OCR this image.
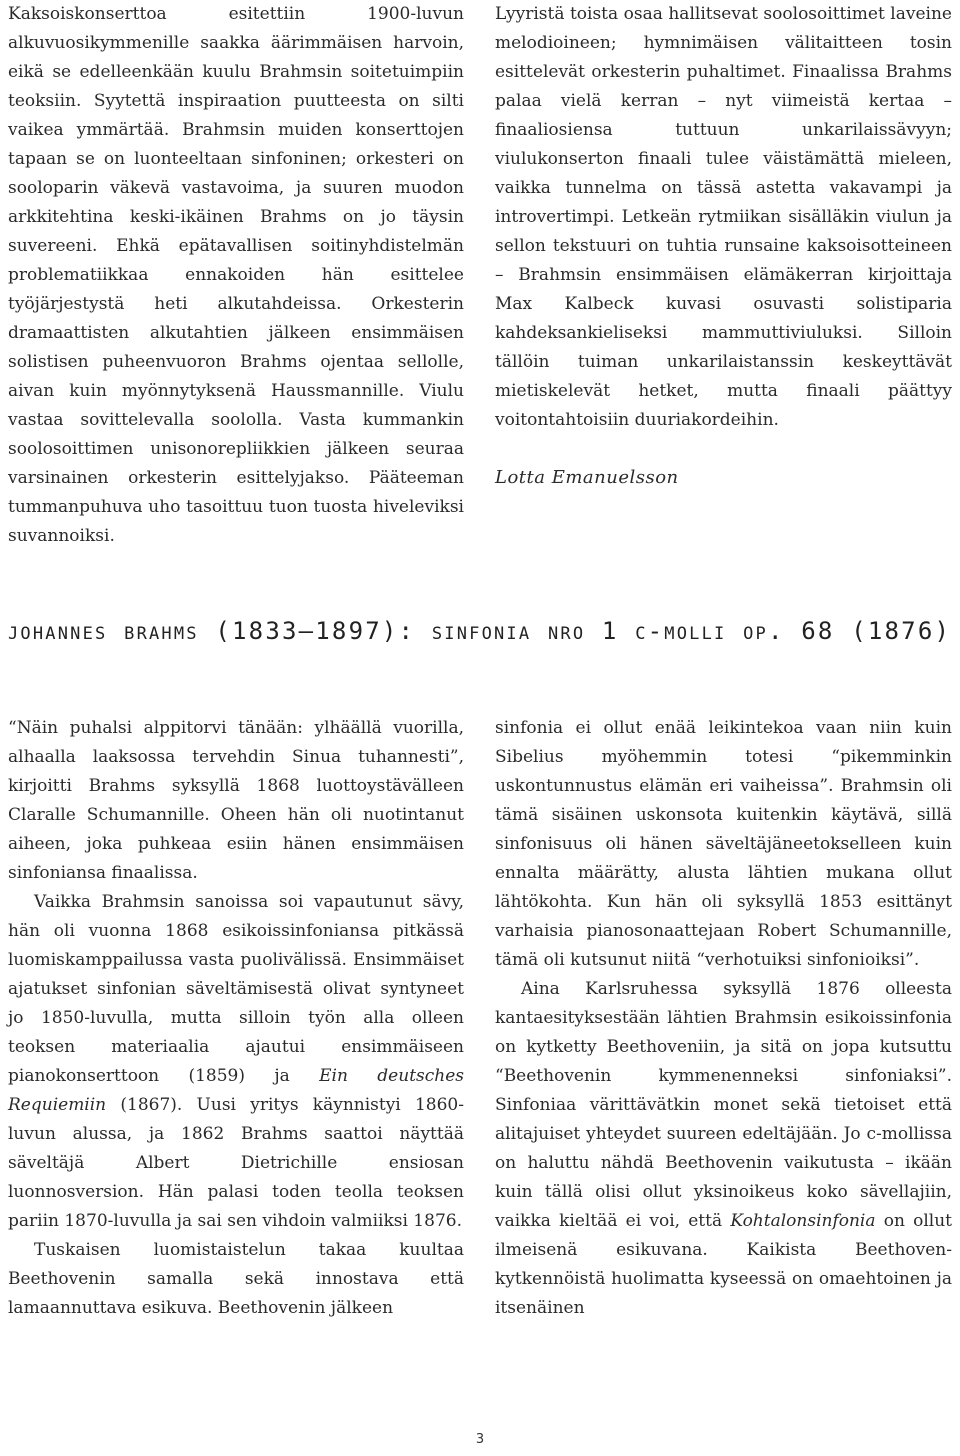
Kaksoiskonserttoa esitettiin 1900-luvun alkuvuosikymmenille saakka äärimmäisen harvoin, eikä se edelleenkään kuulu Brahmsin soitetuimpiin teoksiin. Syytettä inspiraation puutteesta on silti vaikea ymmärtää. Brahmsin muiden konserttojen tapaan se on luonteeltaan sinfoninen; orkesteri on sooloparin väkevä vastavoima, ja suuren muodon arkkitehtina keski-ikäinen Brahms on jo täysin suvereeni. Ehkä epätavallisen soitinyhdistelmän problematiikkaa ennakoiden hän esittelee työjärjestystä heti alkutahdeissa. Orkesterin dramaattisten alkutahtien jälkeen ensimmäisen solistisen puheenvuoron Brahms ojentaa sellolle, aivan kuin myönnytyksenä Haussmannille. Viulu vastaa sovittelevalla soololla. Vasta kummankin soolosoittimen unisonorepliikkien jälkeen seuraa varsinainen orkesterin esittelyjakso. Pääteeman tummanpuhuva uho tasoittuu tuon tuosta hiveleviksi suvannoiksi.

Lyyristä toista osaa hallitsevat soolosoittimet laveine melodioineen; hymnimäisen välitaitteen tosin esittelevät orkesterin puhaltimet. Finaalissa Brahms palaa vielä kerran – nyt viimeistä kertaa – finaaliosiensa tuttuun unkarilaissävyyn; viulukonserton finaali tulee väistämättä mieleen, vaikka tunnelma on tässä astetta vakavampi ja introvertimpi. Letkeän rytmiikan sisälläkin viulun ja sellon tekstuuri on tuhtia runsaine kaksoisotteineen – Brahmsin ensimmäisen elämäkerran kirjoittaja Max Kalbeck kuvasi osuvasti solistiparia kahdeksankieliseksi mammuttiviuluksi. Silloin tällöin tuiman unkarilaistanssin keskeyttävät mietiskelevät hetket, mutta finaali päättyy voitontahtoisiin duuriakordeihin.

Lotta Emanuelsson

johannes brahms (1833–1897): sinfonia nro 1 c-molli op. 68 (1876)

“Näin puhalsi alppitorvi tänään: ylhäällä vuorilla, alhaalla laaksossa tervehdin Sinua tuhannesti”, kirjoitti Brahms syksyllä 1868 luottoystävälleen Claralle Schumannille. Oheen hän oli nuotintanut aiheen, joka puhkeaa esiin hänen ensimmäisen sinfoniansa finaalissa.

Vaikka Brahmsin sanoissa soi vapautunut sävy, hän oli vuonna 1868 esikoissinfoniansa pitkässä luomiskamppailussa vasta puolivälissä. Ensimmäiset ajatukset sinfonian säveltämisestä olivat syntyneet jo 1850-luvulla, mutta silloin työn alla olleen teoksen materiaalia ajautui ensimmäiseen pianokonserttoon (1859) ja Ein deutsches Requiemiin (1867). Uusi yritys käynnistyi 1860-luvun alussa, ja 1862 Brahms saattoi näyttää säveltäjä Albert Dietrichille ensiosan luonnosversion. Hän palasi toden teolla teoksen pariin 1870-luvulla ja sai sen vihdoin valmiiksi 1876.

Tuskaisen luomistaistelun takaa kuultaa Beethovenin samalla sekä innostava että lamaannuttava esikuva. Beethovenin jälkeen

sinfonia ei ollut enää leikintekoa vaan niin kuin Sibelius myöhemmin totesi “pikemminkin uskontunnustus elämän eri vaiheissa”. Brahmsin oli tämä sisäinen uskonsota kuitenkin käytävä, sillä sinfonisuus oli hänen säveltäjäneetokselleen kuin ennalta määrätty, alusta lähtien mukana ollut lähtökohta. Kun hän oli syksyllä 1853 esittänyt varhaisia pianosonaattejaan Robert Schumannille, tämä oli kutsunut niitä “verhotuiksi sinfonioiksi”.

Aina Karlsruhessa syksyllä 1876 olleesta kantaesityksestään lähtien Brahmsin esikoissinfonia on kytketty Beethoveniin, ja sitä on jopa kutsuttu “Beethovenin kymmenenneksi sinfoniaksi”. Sinfoniaa värittävätkin monet sekä tietoiset että alitajuiset yhteydet suureen edeltäjään. Jo c-mollissa on haluttu nähdä Beethovenin vaikutusta – ikään kuin tällä olisi ollut yksinoikeus koko sävellajiin, vaikka kieltää ei voi, että Kohtalonsinfonia on ollut ilmeisenä esikuvana. Kaikista Beethoven-kytkennöistä huolimatta kyseessä on omaehtoinen ja itsenäinen

3
